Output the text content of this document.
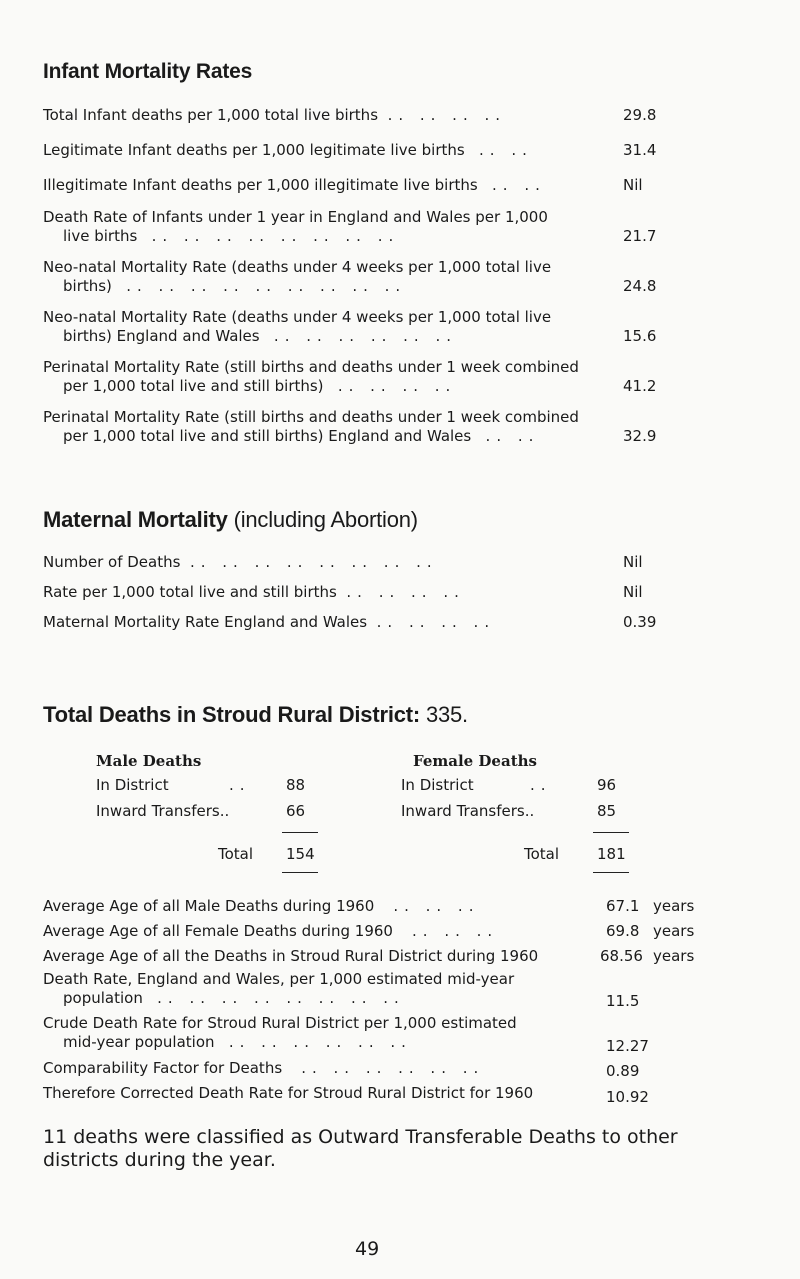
Infant Mortality Rates
Total Infant deaths per 1,000 total live births .. .. .. ..	29.8
Legitimate Infant deaths per 1,000 legitimate live births .. ..	31.4
Illegitimate Infant deaths per 1,000 illegitimate live births .. ..	Nil
Death Rate of Infants under 1 year in England and Wales per 1,000
live births .. .. .. .. .. .. .. ..	21.7
Neo-natal Mortality Rate (deaths under 4 weeks per 1,000 total live
births) .. .. .. .. .. .. .. .. ..	24.8
Neo-natal Mortality Rate (deaths under 4 weeks per 1,000 total live
births) England and Wales .. .. .. .. .. ..	15.6
Perinatal Mortality Rate (still births and deaths under 1 week combined
per 1,000 total live and still births) .. .. .. ..	41.2
Perinatal Mortality Rate (still births and deaths under 1 week combined
per 1,000 total live and still births) England and Wales .. ..	32.9
Maternal Mortality (including Abortion)
Number of Deaths .. .. .. .. .. .. .. ..	Nil
Rate per 1,000 total live and still births .. .. .. ..	Nil
Maternal Mortality Rate England and Wales .. .. .. ..	0.39
Total Deaths in Stroud Rural District: 335.
Male Deaths
In District	.. 88
Inward Transfers..	66
Total 154
Female Deaths
In District	..	96
Inward Transfers..	85
Total	181
Average Age of all Male Deaths during 1960 .. .. ..	67.1 years
Average Age of all Female Deaths during 1960 .. .. ..	69.8 years
Average Age of all the Deaths in Stroud Rural District during 1960	68.56 years
Death Rate, England and Wales, per 1,000 estimated mid-year
population .. .. .. .. .. .. .. ..	11.5
Crude Death Rate for Stroud Rural District per 1,000 estimated
mid-year population .. .. .. .. .. ..	12.27
Comparability Factor for Deaths .. .. .. .. .. ..	0.89
Therefore Corrected Death Rate for Stroud Rural District for 1960	10.92
11 deaths were classified as Outward Transferable Deaths to other districts during the year.
49
